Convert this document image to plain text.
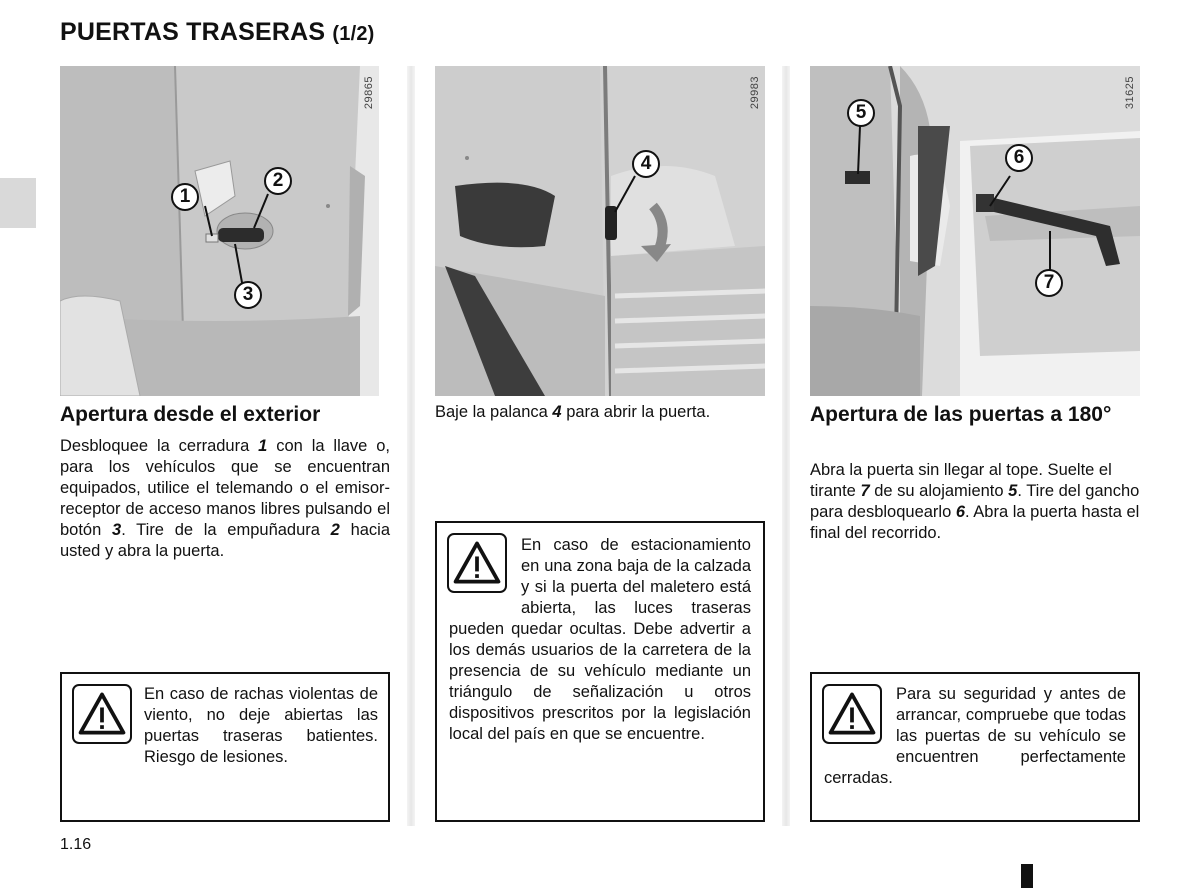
PUERTAS TRASERAS (1/2)
29865
1
2
3
29983
4
31625
5
6
7
Apertura desde el exterior

Desbloquee la cerradura 1 con la llave o, para los vehículos que se encuentran equipados, utilice el telemando o el emisor-receptor de acceso manos libres pulsando el botón 3. Tire de la empuñadura 2 hacia usted y abra la puerta.

En caso de rachas violentas de viento, no deje abiertas las puertas traseras batientes. Riesgo de lesiones.

Baje la palanca 4 para abrir la puerta.

En caso de estacionamiento en una zona baja de la calzada y si la puerta del maletero está abierta, las luces traseras pueden quedar ocultas. Debe advertir a los demás usuarios de la carretera de la presencia de su vehículo mediante un triángulo de señalización u otros dispositivos prescritos por la legislación local del país en que se encuentre.

Apertura de las puertas a 180°

Abra la puerta sin llegar al tope. Suelte el tirante 7 de su alojamiento 5. Tire del gancho para desbloquearlo 6. Abra la puerta hasta el final del recorrido.

Para su seguridad y antes de arrancar, compruebe que todas las puertas de su vehículo se encuentren perfectamente cerradas.

1.16
